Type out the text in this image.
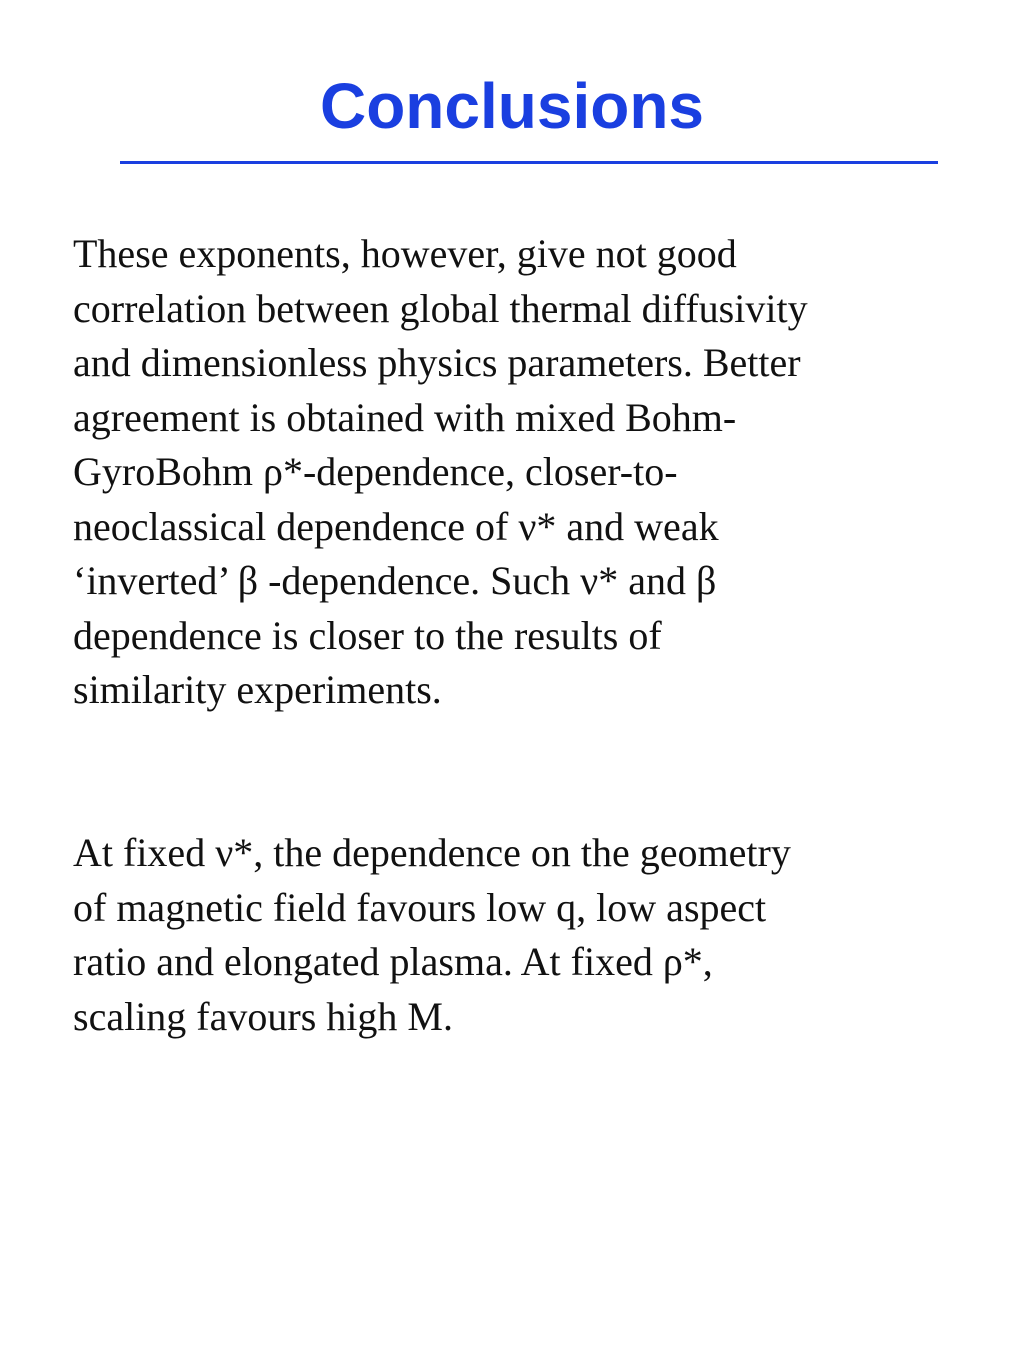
Conclusions

These exponents, however, give not good
correlation between global thermal diffusivity
and dimensionless physics parameters. Better
agreement is obtained with mixed Bohm-
GyroBohm ρ*-dependence, closer-to-
neoclassical dependence of ν* and weak
‘inverted’ β -dependence. Such ν* and β
dependence is closer to the results of
similarity experiments.

At fixed ν*, the dependence on the geometry
of magnetic field favours low q, low aspect
ratio and elongated plasma. At fixed ρ*,
scaling favours high M.
